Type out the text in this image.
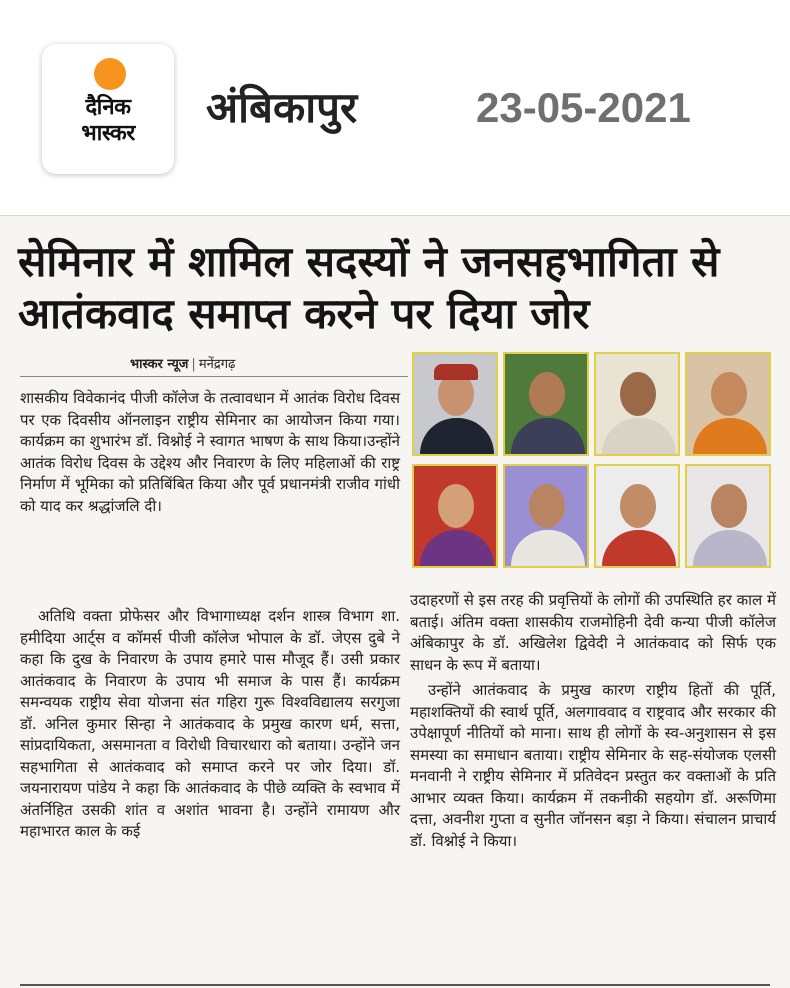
दैनिक
भास्कर
अंबिकापुर	23-05-2021
सेमिनार में शामिल सदस्यों ने जनसहभागिता से आतंकवाद समाप्त करने पर दिया जोर
भास्कर न्यूज | मनेंद्रगढ़

शासकीय विवेकानंद पीजी कॉलेज के तत्वावधान में आतंक विरोध दिवस पर एक दिवसीय ऑनलाइन राष्ट्रीय सेमिनार का आयोजन किया गया। कार्यक्रम का शुभारंभ डॉ. विश्नोई ने स्वागत भाषण के साथ किया।उन्होंने आतंक विरोध दिवस के उद्देश्य और निवारण के लिए महिलाओं की राष्ट्र निर्माण में भूमिका को प्रतिबिंबित किया और पूर्व प्रधानमंत्री राजीव गांधी को याद कर श्रद्धांजलि दी।

अतिथि वक्ता प्रोफेसर और विभागाध्यक्ष दर्शन शास्त्र विभाग शा. हमीदिया आर्ट्स व कॉमर्स पीजी कॉलेज भोपाल के डॉ. जेएस दुबे ने कहा कि दुख के निवारण के उपाय हमारे पास मौजूद हैं। उसी प्रकार आतंकवाद के निवारण के उपाय भी समाज के पास हैं। कार्यक्रम समन्वयक राष्ट्रीय सेवा योजना संत गहिरा गुरू विश्वविद्यालय सरगुजा डॉ. अनिल कुमार सिन्हा ने आतंकवाद के प्रमुख कारण धर्म, सत्ता, सांप्रदायिकता, असमानता व विरोधी विचारधारा को बताया। उन्होंने जन सहभागिता से आतंकवाद को समाप्त करने पर जोर दिया। डॉ. जयनारायण पांडेय ने कहा कि आतंकवाद के पीछे व्यक्ति के स्वभाव में अंतर्निहित उसकी शांत व अशांत भावना है। उन्होंने रामायण और महाभारत काल के कई

उदाहरणों से इस तरह की प्रवृत्तियों के लोगों की उपस्थिति हर काल में बताई। अंतिम वक्ता शासकीय राजमोहिनी देवी कन्या पीजी कॉलेज अंबिकापुर के डॉ. अखिलेश द्विवेदी ने आतंकवाद को सिर्फ एक साधन के रूप में बताया।

उन्होंने आतंकवाद के प्रमुख कारण राष्ट्रीय हितों की पूर्ति, महाशक्तियों की स्वार्थ पूर्ति, अलगाववाद व राष्ट्रवाद और सरकार की उपेक्षापूर्ण नीतियों को माना। साथ ही लोगों के स्व-अनुशासन से इस समस्या का समाधान बताया। राष्ट्रीय सेमिनार के सह-संयोजक एलसी मनवानी ने राष्ट्रीय सेमिनार में प्रतिवेदन प्रस्तुत कर वक्ताओं के प्रति आभार व्यक्त किया। कार्यक्रम में तकनीकी सहयोग डॉ. अरूणिमा दत्ता, अवनीश गुप्ता व सुनीत जॉनसन बड़ा ने किया। संचालन प्राचार्य डॉ. विश्नोई ने किया।
